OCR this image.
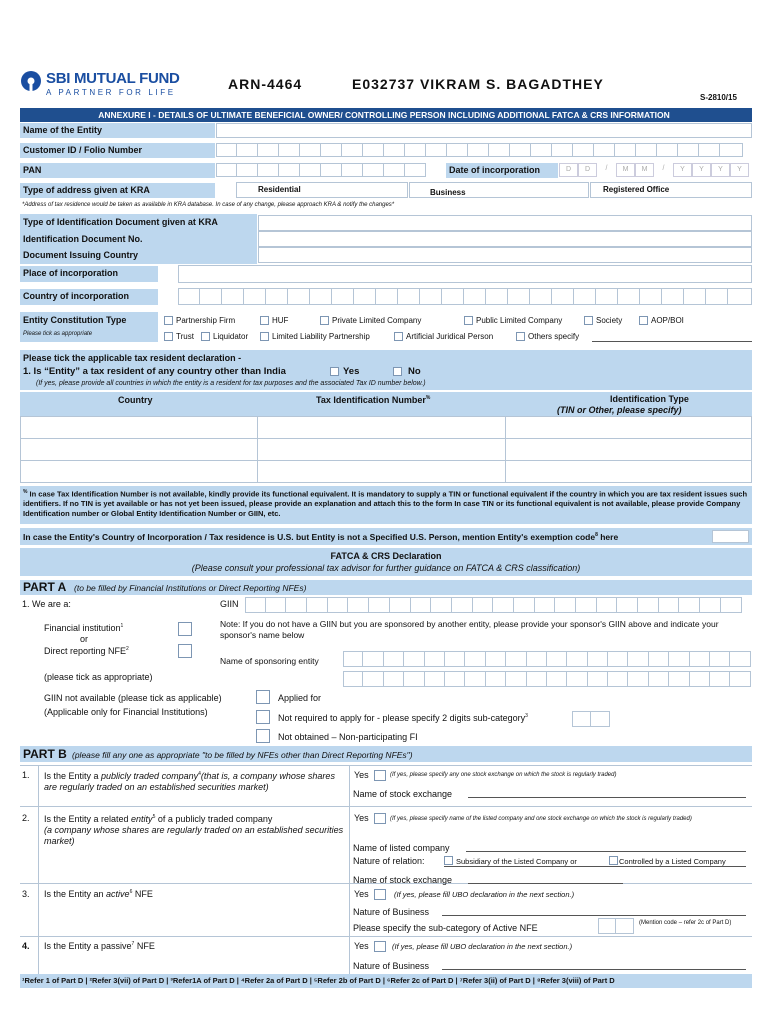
SBI MUTUAL FUND
A PARTNER FOR LIFE
ARN-4464	E032737 VIKRAM S. BAGADTHEY
S-2810/15
ANNEXURE I - DETAILS OF ULTIMATE BENEFICIAL OWNER/ CONTROLLING PERSON INCLUDING ADDITIONAL FATCA & CRS INFORMATION
Name of the Entity
Customer ID / Folio Number
PAN	Date of incorporation	D	D	/	M	M	/	Y	Y	Y	Y
Type of address given at KRA	Residential	Business	Registered Office
*Address of tax residence would be taken as available in KRA database. In case of any change, please approach KRA & notify the changes*
Type of Identification Document given at KRA
Identification Document No.
Document Issuing Country
Place of incorporation
Country of incorporation
Entity Constitution Type
Please tick as appropriate
Partnership Firm	HUF	Private Limited Company	Public Limited Company	Society	AOP/BOI
Trust	Liquidator	Limited Liability Partnership	Artificial Juridical Person	Others specify
Please tick the applicable tax resident declaration -
1. Is “Entity” a tax resident of any country other than India	Yes	No
(If yes, please provide all countries in which the entity is a resident for tax purposes and the associated Tax ID number below.)
Country	Tax Identification Number%	Identification Type
(TIN or Other, please specify)

% In case Tax Identification Number is not available, kindly provide its functional equivalent. It is mandatory to supply a TIN or functional equivalent if the country in which you are tax resident issues such identifiers. If no TIN is yet available or has not yet been issued, please provide an explanation and attach this to the form In case TIN or its functional equivalent is not available, please provide Company Identification number or Global Entity Identification Number or GIIN, etc.
In case the Entity's Country of Incorporation / Tax residence is U.S. but Entity is not a Specified U.S. Person, mention Entity's exemption code$^8$ here
FATCA & CRS Declaration
(Please consult your professional tax advisor for further guidance on FATCA & CRS classification)
PART A (to be filled by Financial Institutions or Direct Reporting NFEs)
1. We are a:	GIIN
Financial institution$^1$
or
Direct reporting NFE$^2$
Note: If you do not have a GIIN but you are sponsored by another entity, please provide your sponsor's GIIN above and indicate your sponsor's name below
Name of sponsoring entity
(please tick as appropriate)
GIIN not available (please tick as applicable)
(Applicable only for Financial Institutions)
Applied for
Not required to apply for - please specify 2 digits sub-category$^3$
Not obtained – Non-participating FI
PART B (please fill any one as appropriate "to be filled by NFEs other than Direct Reporting NFEs")
1. Is the Entity a publicly traded company$^4$(that is, a company whose shares are regularly traded on an established securities market)
Yes	(If yes, please specify any one stock exchange on which the stock is regularly traded)
Name of stock exchange
2. Is the Entity a related entity$^5$ of a publicly traded company
(a company whose shares are regularly traded on an established securities market)
Yes	(If yes, please specify name of the listed company and one stock exchange on which the stock is regularly traded)
Name of listed company
Nature of relation:	Subsidiary of the Listed Company or	Controlled by a Listed Company
Name of stock exchange
3. Is the Entity an active$^6$ NFE	Yes	(If yes, please fill UBO declaration in the next section.)
Nature of Business
Please specify the sub-category of Active NFE	(Mention code – refer 2c of Part D)
4. Is the Entity a passive$^7$ NFE	Yes	(If yes, please fill UBO declaration in the next section.)
Nature of Business
¹Refer 1 of Part D | ²Refer 3(vii) of Part D | ³Refer1A of Part D | ⁴Refer 2a of Part D | ⁵Refer 2b of Part D | ⁶Refer 2c of Part D | ⁷Refer 3(ii) of Part D | ⁸Refer 3(viii) of Part D
